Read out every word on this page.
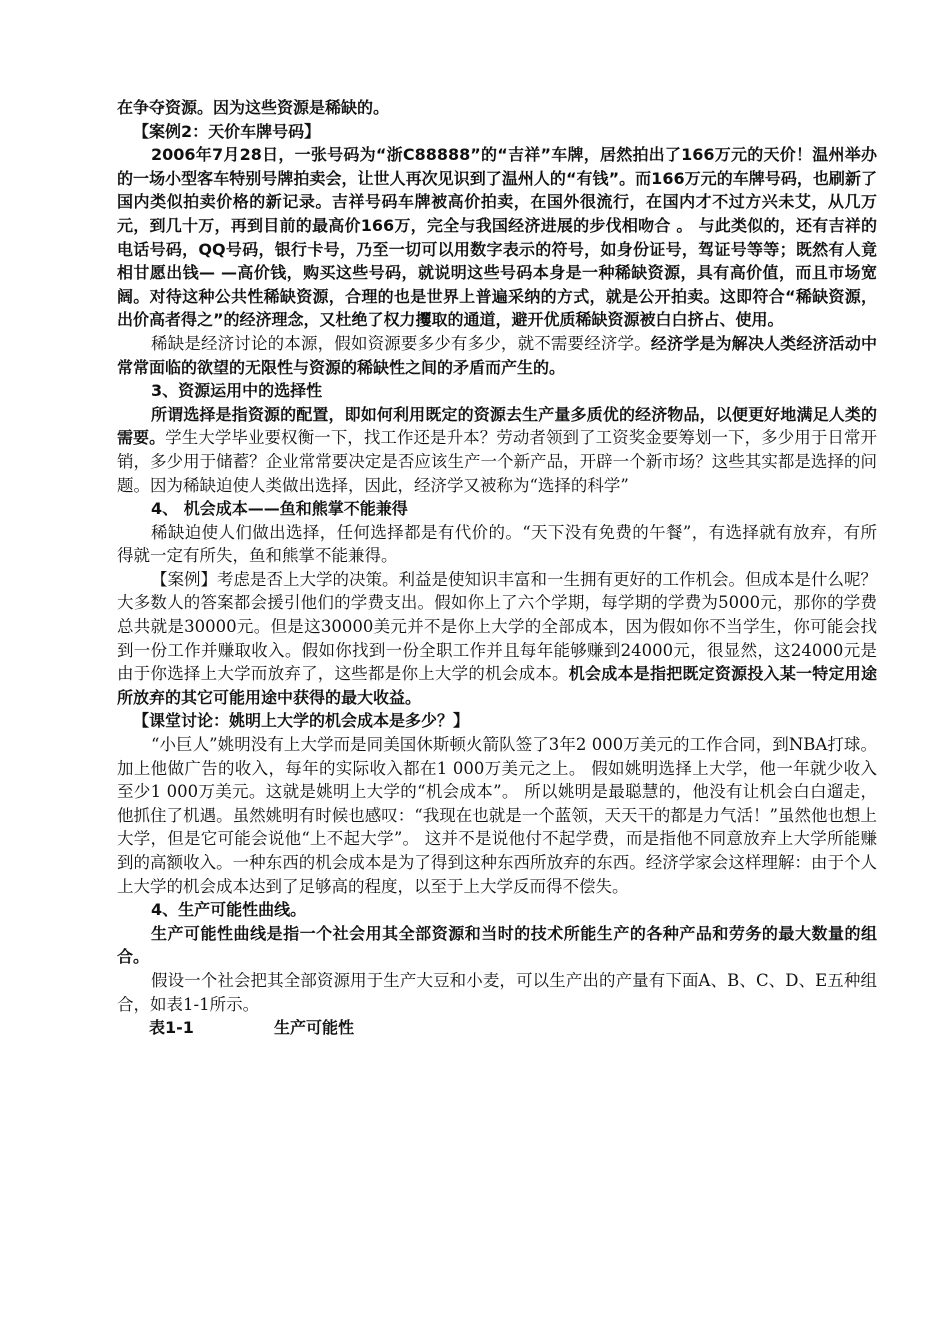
在争夺资源。因为这些资源是稀缺的。

【案例2：天价车牌号码】

2006年7月28日，一张号码为“浙C88888”的“吉祥”车牌，居然拍出了166万元的天价！温州举办的一场小型客车特别号牌拍卖会，让世人再次见识到了温州人的“有钱”。而166万元的车牌号码，也刷新了国内类似拍卖价格的新记录。吉祥号码车牌被高价拍卖，在国外很流行，在国内才不过方兴未艾，从几万元，到几十万，再到目前的最高价166万，完全与我国经济进展的步伐相吻合 。 与此类似的，还有吉祥的电话号码，QQ号码，银行卡号，乃至一切可以用数字表示的符号，如身份证号，驾证号等等；既然有人竟相甘愿出钱— —高价钱，购买这些号码，就说明这些号码本身是一种稀缺资源，具有高价值，而且市场宽阔。对待这种公共性稀缺资源，合理的也是世界上普遍采纳的方式，就是公开拍卖。这即符合“稀缺资源，出价高者得之”的经济理念，又杜绝了权力攫取的通道，避开优质稀缺资源被白白挤占、使用。

稀缺是经济讨论的本源，假如资源要多少有多少，就不需要经济学。经济学是为解决人类经济活动中常常面临的欲望的无限性与资源的稀缺性之间的矛盾而产生的。

3、资源运用中的选择性

所谓选择是指资源的配置，即如何利用既定的资源去生产量多质优的经济物品，以便更好地满足人类的需要。学生大学毕业要权衡一下，找工作还是升本？劳动者领到了工资奖金要筹划一下，多少用于日常开销，多少用于储蓄？企业常常要决定是否应该生产一个新产品，开辟一个新市场？这些其实都是选择的问题。因为稀缺迫使人类做出选择，因此，经济学又被称为“选择的科学”

4、 机会成本——鱼和熊掌不能兼得

稀缺迫使人们做出选择，任何选择都是有代价的。“天下没有免费的午餐”，有选择就有放弃，有所得就一定有所失，鱼和熊掌不能兼得。

【案例】考虑是否上大学的决策。利益是使知识丰富和一生拥有更好的工作机会。但成本是什么呢？大多数人的答案都会援引他们的学费支出。假如你上了六个学期，每学期的学费为5000元，那你的学费总共就是30000元。但是这30000美元并不是你上大学的全部成本，因为假如你不当学生，你可能会找到一份工作并赚取收入。假如你找到一份全职工作并且每年能够赚到24000元，很显然，这24000元是由于你选择上大学而放弃了，这些都是你上大学的机会成本。机会成本是指把既定资源投入某一特定用途所放弃的其它可能用途中获得的最大收益。

【课堂讨论：姚明上大学的机会成本是多少？】

“小巨人”姚明没有上大学而是同美国休斯顿火箭队签了3年2 000万美元的工作合同，到NBA打球。加上他做广告的收入，每年的实际收入都在1 000万美元之上。 假如姚明选择上大学，他一年就少收入至少1 000万美元。这就是姚明上大学的“机会成本”。 所以姚明是最聪慧的，他没有让机会白白遛走，他抓住了机遇。虽然姚明有时候也感叹：“我现在也就是一个蓝领，天天干的都是力气活！”虽然他也想上大学，但是它可能会说他“上不起大学”。 这并不是说他付不起学费，而是指他不同意放弃上大学所能赚到的高额收入。一种东西的机会成本是为了得到这种东西所放弃的东西。经济学家会这样理解：由于个人上大学的机会成本达到了足够高的程度，以至于上大学反而得不偿失。

4、生产可能性曲线。

生产可能性曲线是指一个社会用其全部资源和当时的技术所能生产的各种产品和劳务的最大数量的组合。

假设一个社会把其全部资源用于生产大豆和小麦，可以生产出的产量有下面A、B、C、D、E五种组合，如表1-1所示。

表1-1	生产可能性
